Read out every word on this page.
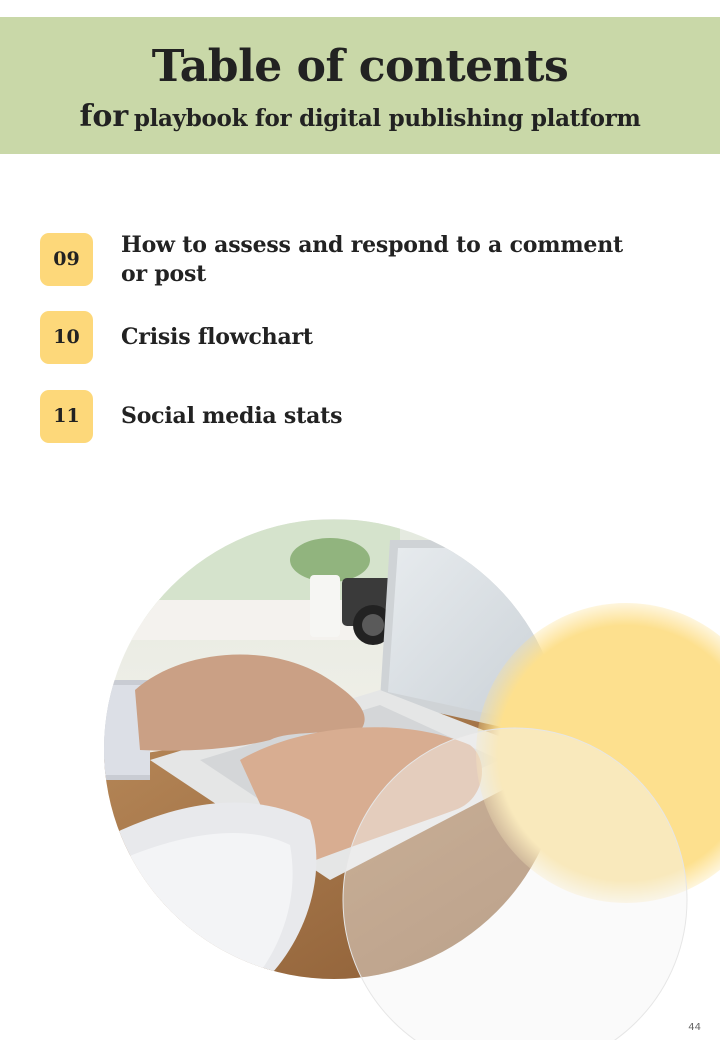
Table of contents
for playbook for digital publishing platform
09
How to assess and respond to a comment or post
10	Crisis flowchart
11	Social media stats
44
